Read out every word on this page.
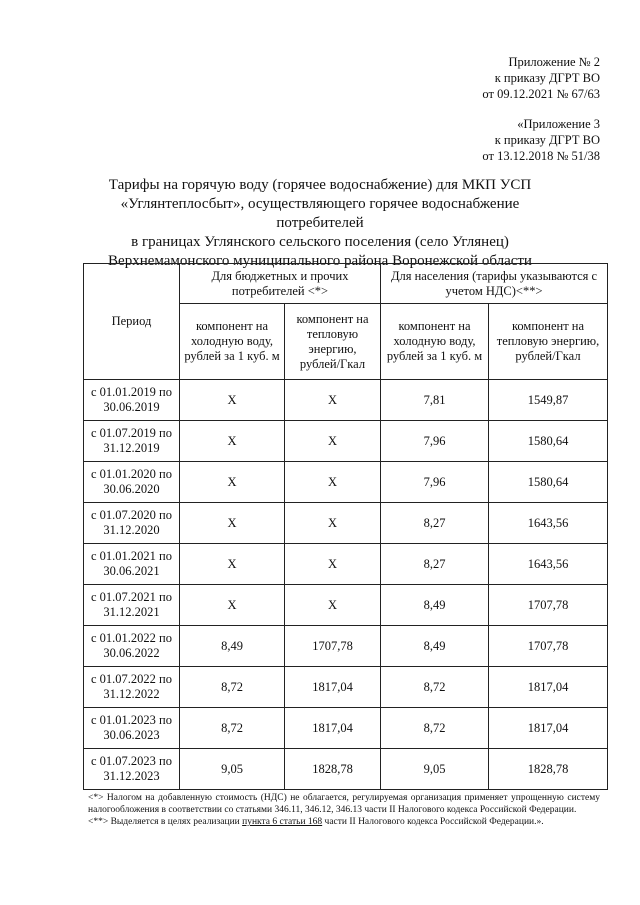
Приложение № 2
к приказу ДГРТ ВО
от 09.12.2021 № 67/63
«Приложение 3
к приказу ДГРТ ВО
от 13.12.2018 № 51/38
Тарифы на горячую воду (горячее водоснабжение) для МКП УСП
«Углянтеплосбыт», осуществляющего горячее водоснабжение потребителей
в границах Углянского сельского поселения (село Углянец)
Верхнемамонского муниципального района Воронежской области
Период	Для бюджетных и прочих потребителей <*>		Для населения (тарифы указываются с учетом НДС)<**>	
	компонент на холодную воду, рублей за 1 куб. м	компонент на тепловую энергию, рублей/Гкал	компонент на холодную воду, рублей за 1 куб. м	компонент на тепловую энергию, рублей/Гкал
с 01.01.2019 по 30.06.2019	Х	Х	7,81	1549,87
с 01.07.2019 по 31.12.2019	Х	Х	7,96	1580,64
с 01.01.2020 по 30.06.2020	Х	Х	7,96	1580,64
с 01.07.2020 по 31.12.2020	Х	Х	8,27	1643,56
с 01.01.2021 по 30.06.2021	Х	Х	8,27	1643,56
с 01.07.2021 по 31.12.2021	Х	Х	8,49	1707,78
с 01.01.2022 по 30.06.2022	8,49	1707,78	8,49	1707,78
с 01.07.2022 по 31.12.2022	8,72	1817,04	8,72	1817,04
с 01.01.2023 по 30.06.2023	8,72	1817,04	8,72	1817,04
с 01.07.2023 по 31.12.2023	9,05	1828,78	9,05	1828,78

<*> Налогом на добавленную стоимость (НДС) не облагается, регулируемая организация применяет упрощенную систему налогообложения в соответствии со статьями 346.11, 346.12, 346.13 части II Налогового кодекса Российской Федерации.

<**> Выделяется в целях реализации пункта 6 статьи 168 части II Налогового кодекса Российской Федерации.».
